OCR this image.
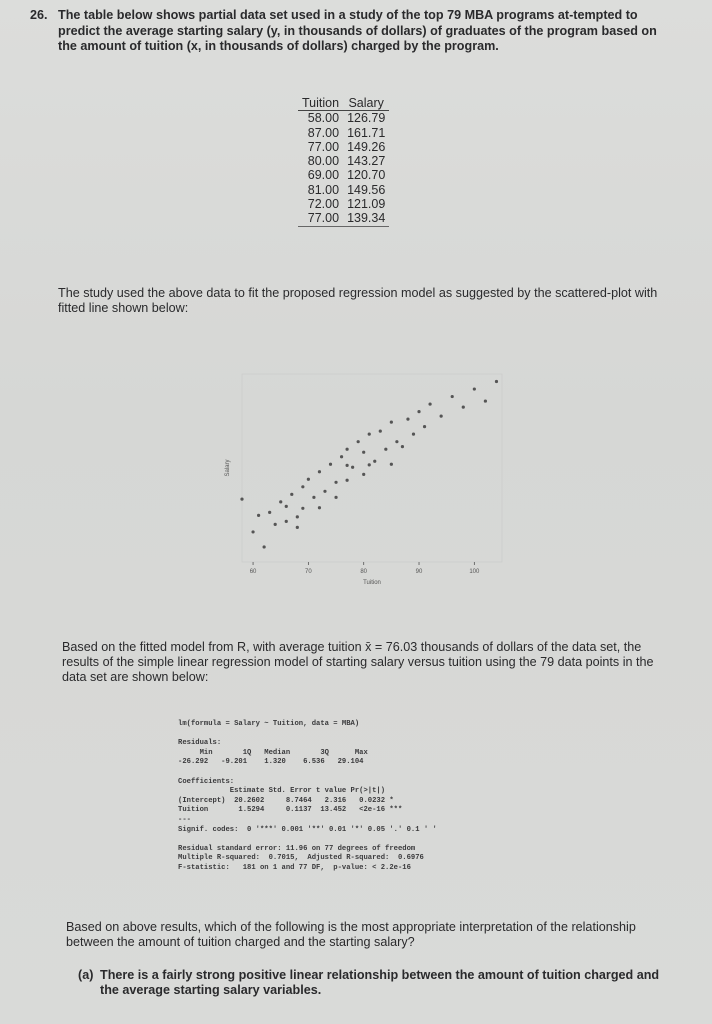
26. The table below shows partial data set used in a study of the top 79 MBA programs at-tempted to predict the average starting salary (y, in thousands of dollars) of graduates of the program based on the amount of tuition (x, in thousands of dollars) charged by the program.
Tuition	Salary
58.00	126.79
87.00	161.71
77.00	149.26
80.00	143.27
69.00	120.70
81.00	149.56
72.00	121.09
77.00	139.34
The study used the above data to fit the proposed regression model as suggested by the scattered-plot with fitted line shown below:
Salary
60	70	80	90	100
Tuition
Based on the fitted model from R, with average tuition x̄ = 76.03 thousands of dollars of the data set, the results of the simple linear regression model of starting salary versus tuition using the 79 data points in the data set are shown below:
lm(formula = Salary ~ Tuition, data = MBA)
Residuals:
Min       1Q   Median       3Q      Max
-26.292   -9.201    1.320    6.536   29.104
Coefficients:
Estimate Std. Error t value Pr(>|t|)
(Intercept)  20.2602     8.7464   2.316   0.0232 *
Tuition       1.5294     0.1137  13.452   <2e-16 ***
---
Signif. codes:  0 '***' 0.001 '**' 0.01 '*' 0.05 '.' 0.1 ' '
Residual standard error: 11.96 on 77 degrees of freedom
Multiple R-squared:  0.7015,  Adjusted R-squared:  0.6976
F-statistic:   181 on 1 and 77 DF,  p-value: < 2.2e-16
Based on above results, which of the following is the most appropriate interpretation of the relationship between the amount of tuition charged and the starting salary?
(a) There is a fairly strong positive linear relationship between the amount of tuition charged and the average starting salary variables.
